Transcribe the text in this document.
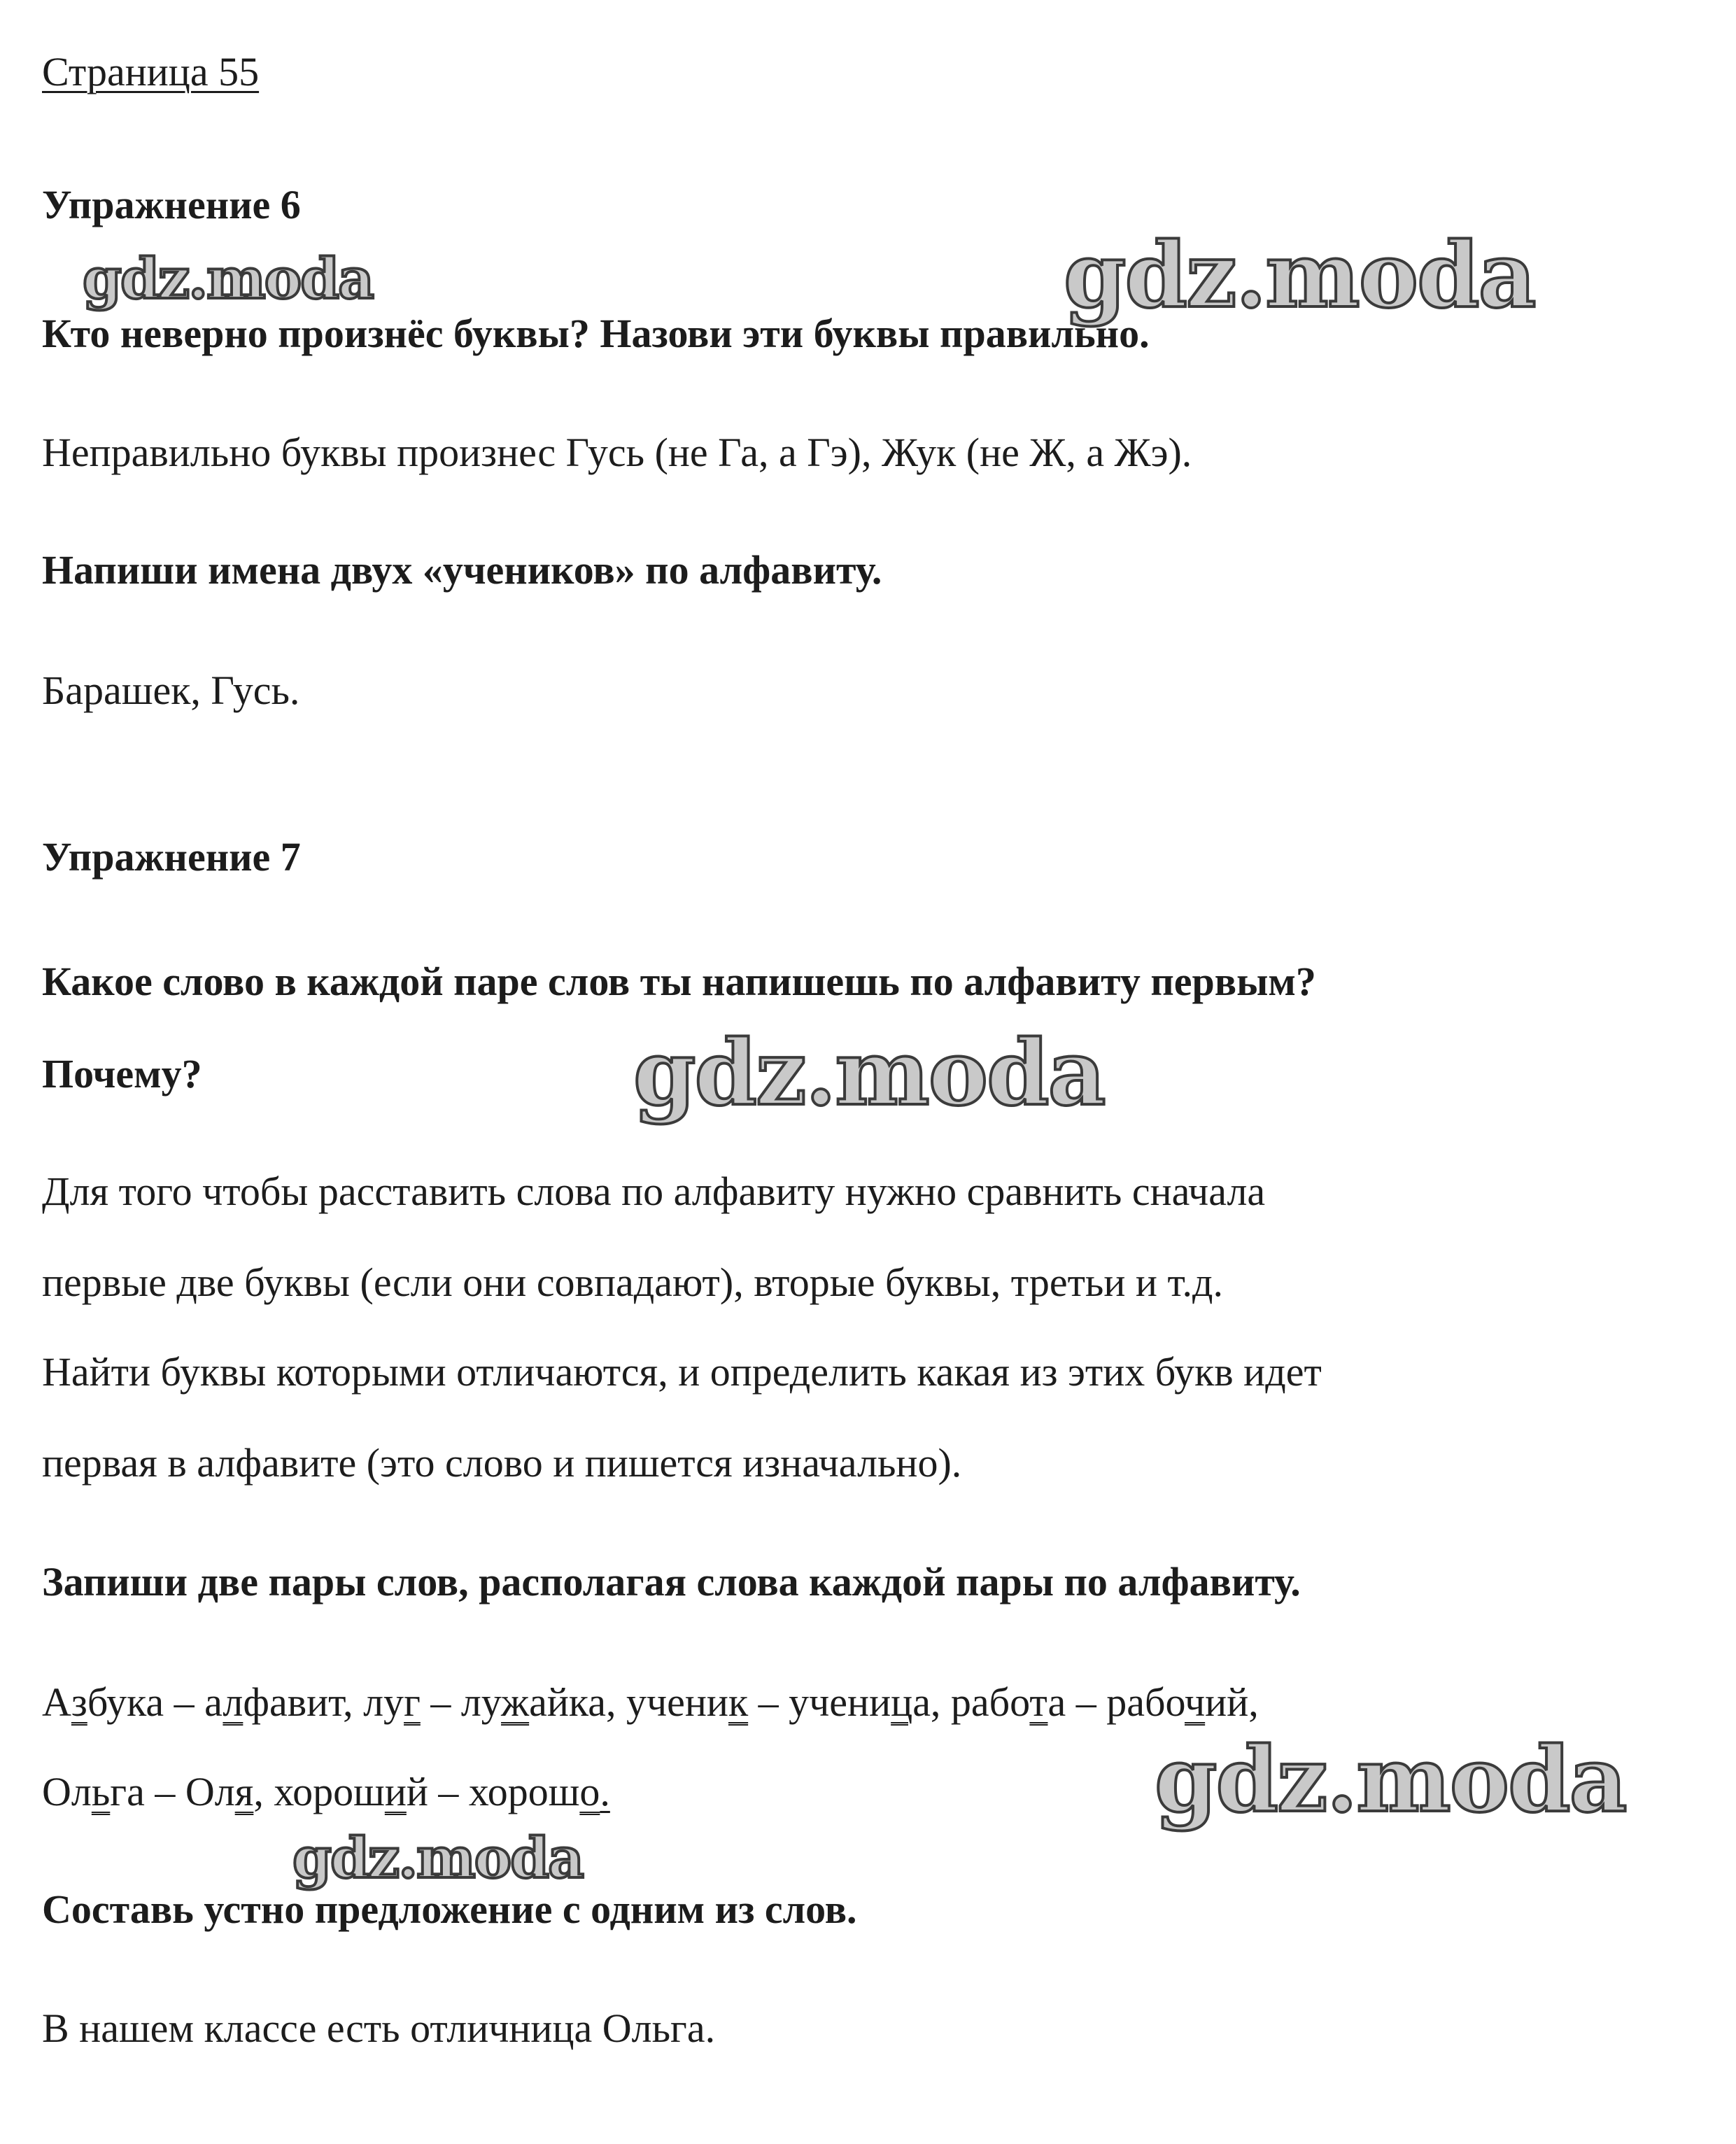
Страница 55
Упражнение 6
Кто неверно произнёс буквы? Назови эти буквы правильно.
Неправильно буквы произнес Гусь (не Га, а Гэ), Жук (не Ж, а Жэ).
Напиши имена двух «учеников» по алфавиту.
Барашек, Гусь.
Упражнение 7
Какое слово в каждой паре слов ты напишешь по алфавиту первым?
Почему?
Для того чтобы расставить слова по алфавиту нужно сравнить сначала
первые две буквы (если они совпадают), вторые буквы, третьи и т.д.
Найти буквы которыми отличаются, и определить какая из этих букв идет
первая в алфавите (это слово и пишется изначально).
Запиши две пары слов, располагая слова каждой пары по алфавиту.
Азбука – алфавит, луг – лужайка, ученик – ученица, работа – рабочий,
Ольга – Оля, хороший – хорошо.
Составь устно предложение с одним из слов.
В нашем классе есть отличница Ольга.
gdz.moda	gdz.moda
gdz.moda
gdz.moda
gdz.moda
